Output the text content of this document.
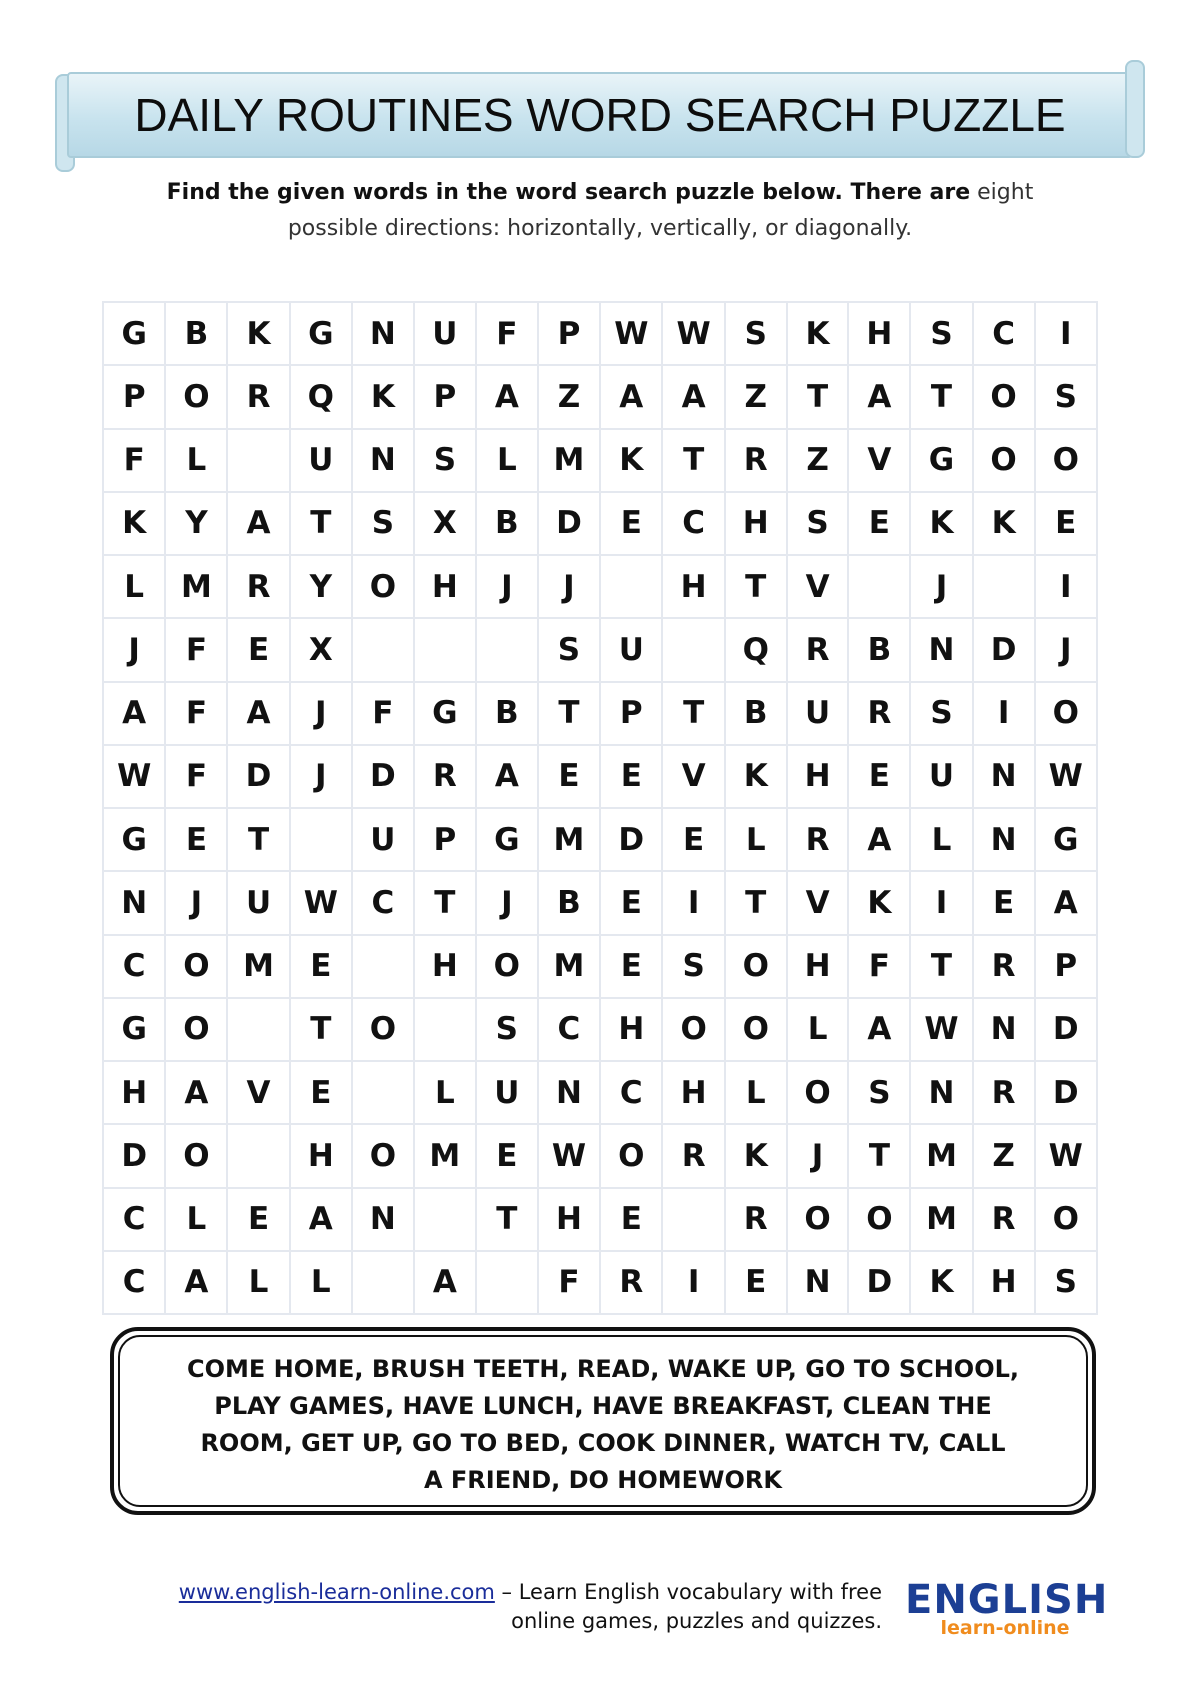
DAILY ROUTINES WORD SEARCH PUZZLE
Find the given words in the word search puzzle below. There are eight
possible directions: horizontally, vertically, or diagonally.
G	B	K	G	N	U	F	P	W	W	S	K	H	S	C	I
P	O	R	Q	K	P	A	Z	A	A	Z	T	A	T	O	S
F	L		U	N	S	L	M	K	T	R	Z	V	G	O	O
K	Y	A	T	S	X	B	D	E	C	H	S	E	K	K	E
L	M	R	Y	O	H	J	J		H	T	V		J		I
J	F	E	X				S	U		Q	R	B	N	D	J
A	F	A	J	F	G	B	T	P	T	B	U	R	S	I	O
W	F	D	J	D	R	A	E	E	V	K	H	E	U	N	W
G	E	T		U	P	G	M	D	E	L	R	A	L	N	G
N	J	U	W	C	T	J	B	E	I	T	V	K	I	E	A
C	O	M	E		H	O	M	E	S	O	H	F	T	R	P
G	O		T	O		S	C	H	O	O	L	A	W	N	D
H	A	V	E		L	U	N	C	H	L	O	S	N	R	D
D	O		H	O	M	E	W	O	R	K	J	T	M	Z	W
C	L	E	A	N		T	H	E		R	O	O	M	R	O
C	A	L	L		A		F	R	I	E	N	D	K	H	S
COME HOME, BRUSH TEETH, READ, WAKE UP, GO TO SCHOOL,
PLAY GAMES, HAVE LUNCH, HAVE BREAKFAST, CLEAN THE
ROOM, GET UP, GO TO BED, COOK DINNER, WATCH TV, CALL
A FRIEND, DO HOMEWORK
www.english-learn-online.com – Learn English vocabulary with free
online games, puzzles and quizzes. ENGLISH
learn-online
